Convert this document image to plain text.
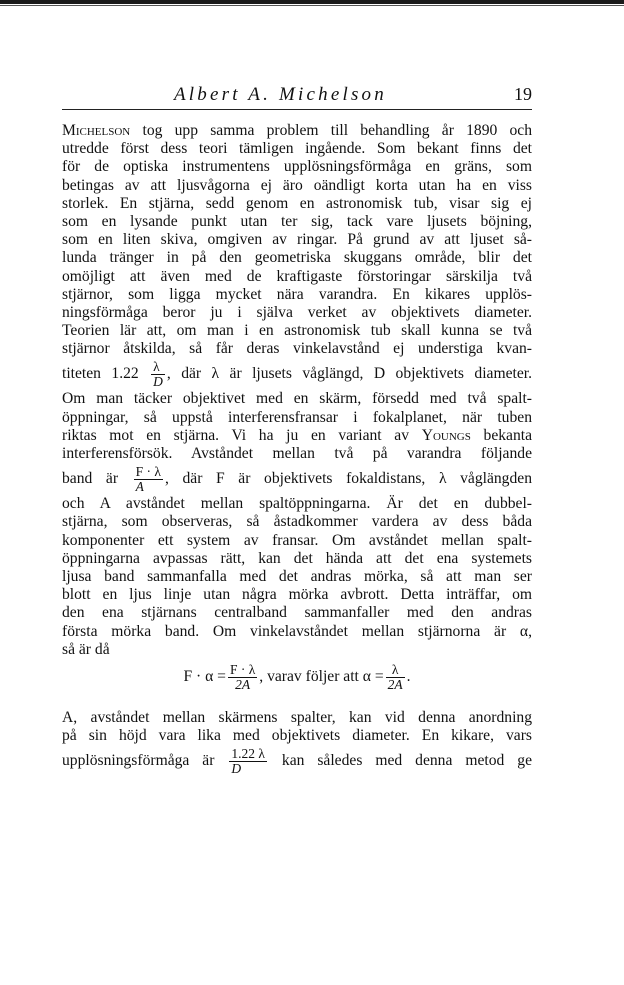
Albert A. Michelson	19
Michelson tog upp samma problem till behandling år 1890 och
utredde först dess teori tämligen ingående. Som bekant finns det
för de optiska instrumentens upplösningsförmåga en gräns, som
betingas av att ljusvågorna ej äro oändligt korta utan ha en viss
storlek. En stjärna, sedd genom en astronomisk tub, visar sig ej
som en lysande punkt utan ter sig, tack vare ljusets böjning,
som en liten skiva, omgiven av ringar. På grund av att ljuset så-
lunda tränger in på den geometriska skuggans område, blir det
omöjligt att även med de kraftigaste förstoringar särskilja två
stjärnor, som ligga mycket nära varandra. En kikares upplös-
ningsförmåga beror ju i själva verket av objektivets diameter.
Teorien lär att, om man i en astronomisk tub skall kunna se två
stjärnor åtskilda, så får deras vinkelavstånd ej understiga kvan-
titeten $1.22 \frac{\lambda}{D}$ , där λ är ljusets våglängd, D objektivets diameter.
Om man täcker objektivet med en skärm, försedd med två spalt-
öppningar, så uppstå interferensfransar i fokalplanet, när tuben
riktas mot en stjärna. Vi ha ju en variant av Youngs bekanta
interferensförsök. Avståndet mellan två på varandra följande
band är $\frac{F \cdot \lambda}{A}$ , där F är objektivets fokaldistans, λ våglängden
och A avståndet mellan spaltöppningarna. Är det en dubbel-
stjärna, som observeras, så åstadkommer vardera av dess båda
komponenter ett system av fransar. Om avståndet mellan spalt-
öppningarna avpassas rätt, kan det hända att det ena systemets
ljusa band sammanfalla med det andras mörka, så att man ser
blott en ljus linje utan några mörka avbrott. Detta inträffar, om
den ena stjärnans centralband sammanfaller med den andras
första mörka band. Om vinkelavståndet mellan stjärnorna är α,
så är då
$F \cdot \alpha = \frac{F \cdot \lambda}{2A}$ , varav följer att $\alpha = \frac{\lambda}{2A}$ .
A, avståndet mellan skärmens spalter, kan vid denna anordning
på sin höjd vara lika med objektivets diameter. En kikare, vars
upplösningsförmåga är $\frac{1.22 \lambda}{D}$ kan således med denna metod ge
